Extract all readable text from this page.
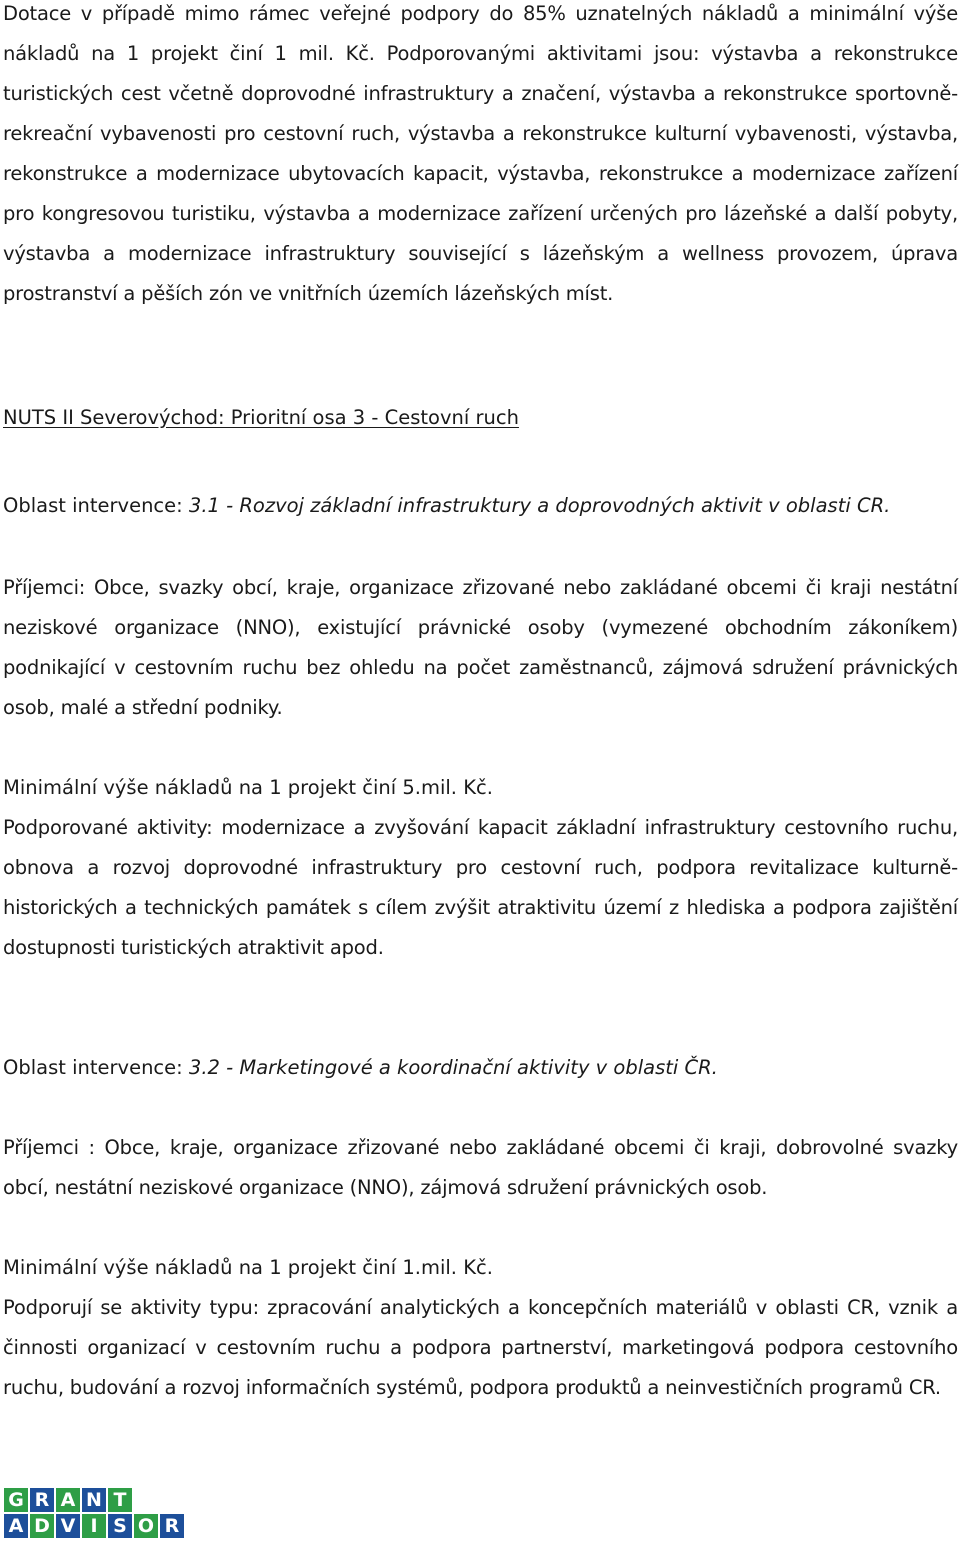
Dotace v případě mimo rámec veřejné podpory do 85% uznatelných nákladů a minimální výše nákladů na 1 projekt činí 1 mil. Kč. Podporovanými aktivitami jsou: výstavba a rekonstrukce turistických cest včetně doprovodné infrastruktury a značení, výstavba a rekonstrukce sportovně-rekreační vybavenosti pro cestovní ruch, výstavba a rekonstrukce kulturní vybavenosti, výstavba, rekonstrukce a modernizace ubytovacích kapacit, výstavba, rekonstrukce a modernizace zařízení pro kongresovou turistiku, výstavba a modernizace zařízení určených pro lázeňské a další pobyty, výstavba a modernizace infrastruktury související s lázeňským a wellness provozem, úprava prostranství a pěších zón ve vnitřních územích lázeňských míst.

NUTS II Severovýchod: Prioritní osa 3 - Cestovní ruch

Oblast intervence: 3.1 - Rozvoj základní infrastruktury a doprovodných aktivit v oblasti CR.

Příjemci: Obce, svazky obcí, kraje, organizace zřizované nebo zakládané obcemi či kraji nestátní neziskové organizace (NNO), existující právnické osoby (vymezené obchodním zákoníkem) podnikající v cestovním ruchu bez ohledu na počet zaměstnanců, zájmová sdružení právnických osob, malé a střední podniky.

Minimální výše nákladů na 1 projekt činí 5.mil. Kč.

Podporované aktivity: modernizace a zvyšování kapacit základní infrastruktury cestovního ruchu, obnova a rozvoj doprovodné infrastruktury pro cestovní ruch, podpora revitalizace kulturně-historických a technických památek s cílem zvýšit atraktivitu území z hlediska a podpora zajištění dostupnosti turistických atraktivit apod.

Oblast intervence: 3.2 - Marketingové a koordinační aktivity v oblasti ČR.

Příjemci : Obce, kraje, organizace zřizované nebo zakládané obcemi či kraji, dobrovolné svazky obcí, nestátní neziskové organizace (NNO), zájmová sdružení právnických osob.

Minimální výše nákladů na 1 projekt činí 1.mil. Kč.

Podporují se aktivity typu: zpracování analytických a koncepčních materiálů v oblasti CR, vznik a činnosti organizací v cestovním ruchu a podpora partnerství, marketingová podpora cestovního ruchu, budování a rozvoj informačních systémů, podpora produktů a neinvestičních programů CR.

G R A N T
A D V I S O R
